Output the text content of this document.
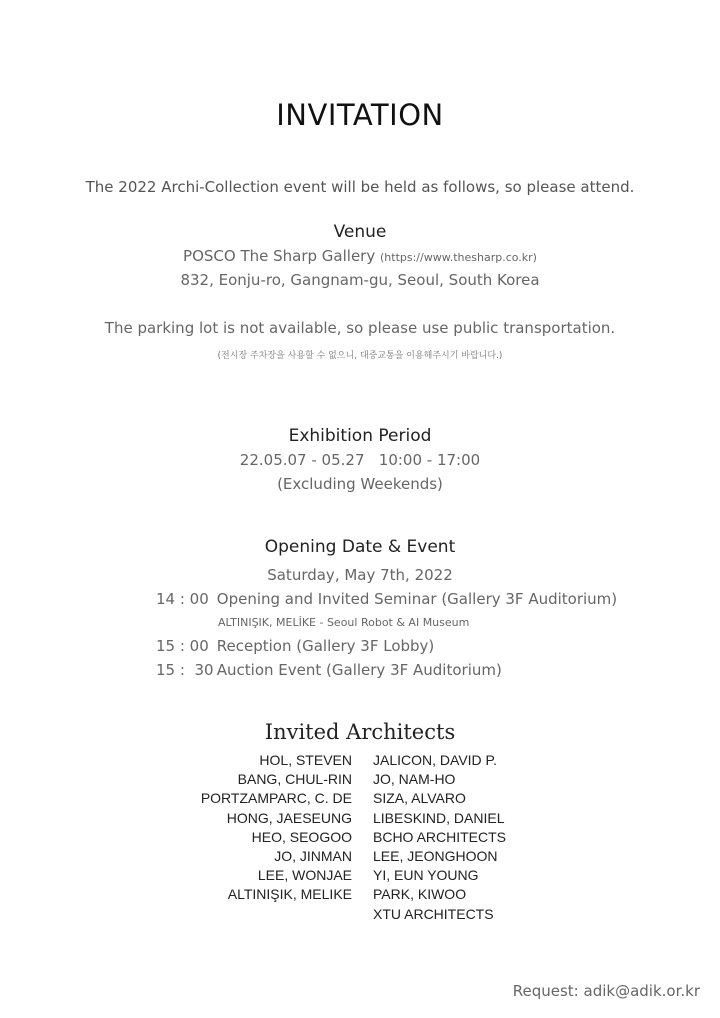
INVITATION
The 2022 Archi-Collection event will be held as follows, so please attend.
Venue
POSCO The Sharp Gallery (https://www.thesharp.co.kr)
832, Eonju-ro, Gangnam-gu, Seoul, South Korea
The parking lot is not available, so please use public transportation.
(전시장 주차장을 사용할 수 없으니, 대중교통을 이용해주시기 바랍니다.)
Exhibition Period
22.05.07 - 05.27   10:00 - 17:00
(Excluding Weekends)
Opening Date & Event
Saturday, May 7th, 2022
14 : 00 Opening and Invited Seminar (Gallery 3F Auditorium)
ALTINIŞIK, MELİKE - Seoul Robot & AI Museum
15 : 00 Reception (Gallery 3F Lobby)
15 :  30 Auction Event (Gallery 3F Auditorium)
Invited Architects
HOL, STEVEN
BANG, CHUL-RIN
PORTZAMPARC, C. DE
HONG, JAESEUNG
HEO, SEOGOO
JO, JINMAN
LEE, WONJAE
ALTINIŞIK, MELIKE
JALICON, DAVID P.
JO, NAM-HO
SIZA, ALVARO
LIBESKIND, DANIEL
BCHO ARCHITECTS
LEE, JEONGHOON
YI, EUN YOUNG
PARK, KIWOO
XTU ARCHITECTS
Request: adik@adik.or.kr
